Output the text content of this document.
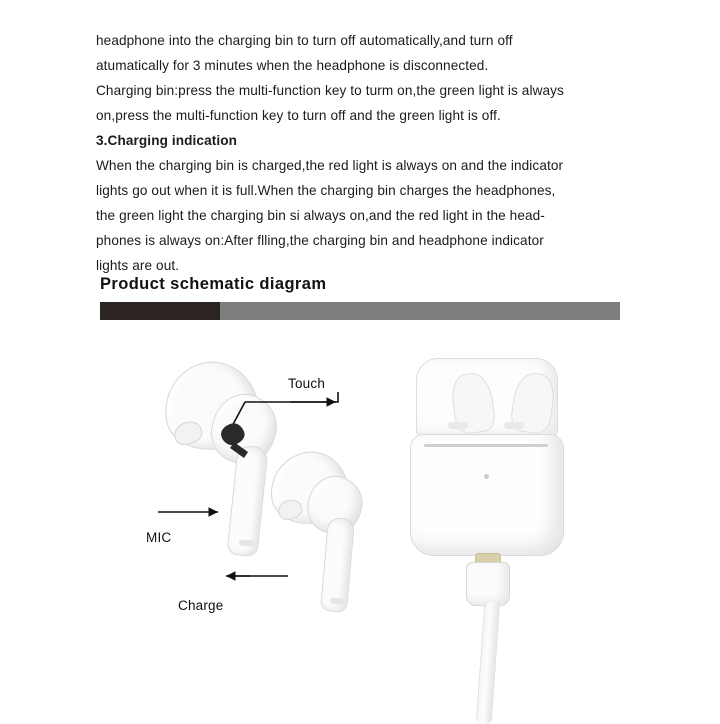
headphone into the charging bin to turn off automatically,and turn off
atumatically for 3 minutes when the headphone is disconnected.
Charging bin:press the multi-function key to turm on,the green light is always
on,press the multi-function key to turn off and the green light is off.
3.Charging indication
When the charging bin is charged,the red light is always on and the indicator
lights go out when it is full.When the charging bin charges the headphones,
the green light the charging bin si always on,and the red light in the head-
phones is always on:After flling,the charging bin and headphone indicator
lights are out.
Product schematic diagram
Touch
MIC
Charge
